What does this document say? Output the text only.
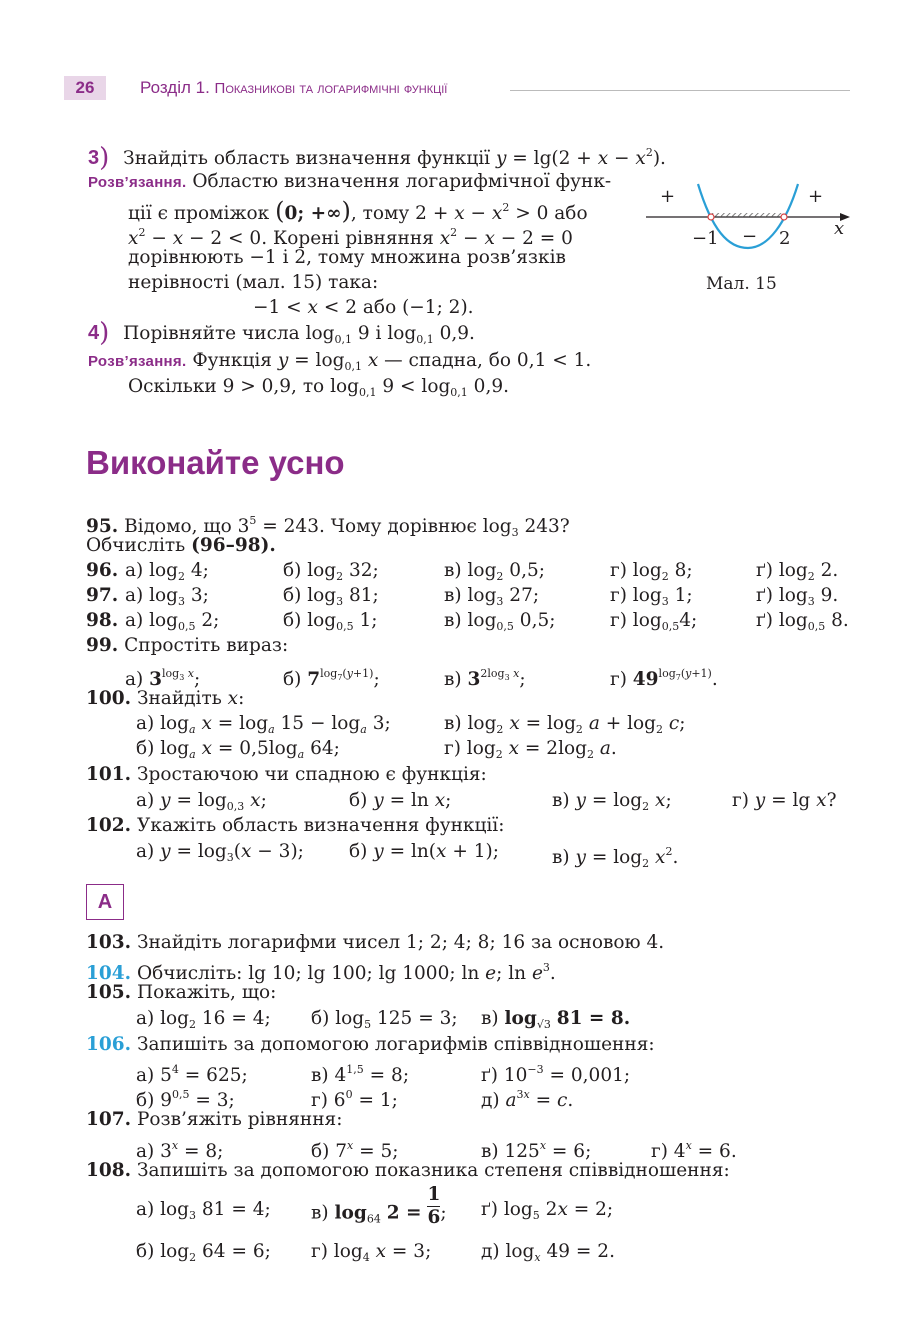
26	Розділ 1. Показникові та логарифмічні функції
3) Знайдіть область визначення функції $y = \lg(2 + x - x^2)$.
Розв’язання. Областю визначення логарифмічної функ-
ції є проміжок (0; +∞), тому $2 + x - x^2 > 0$ або
$x^2 - x - 2 < 0$. Корені рівняння $x^2 - x - 2 = 0$
дорівнюють −1 і 2, тому множина розв’язків
нерівності (мал. 15) така:
−1 < x < 2 або (−1; 2).
4) Порівняйте числа $\log_{0,1} 9$ і $\log_{0,1} 0,9$.
Розв’язання. Функція $y = \log_{0,1} x$ — спадна, бо 0,1 < 1.
Оскільки 9 > 0,9, то $\log_{0,1} 9 < \log_{0,1} 0,9$.
+	+
−
−1	2 x
Мал. 15
Виконайте усно
95. Відомо, що $3^5 = 243$. Чому дорівнює $\log_3 243$?
Обчисліть (96–98).
96. а) $\log_2 4$;	б) $\log_2 32$;	в) $\log_2 0,5$;	г) $\log_2 8$;	ґ) $\log_2 2$.
97. а) $\log_3 3$;	б) $\log_3 81$;	в) $\log_3 27$;	г) $\log_3 1$;	ґ) $\log_3 9$.
98. а) $\log_{0,5} 2$;	б) $\log_{0,5} 1$;	в) $\log_{0,5} 0,5$;	г) $\log_{0,5}4$;	ґ) $\log_{0,5} 8$.
99. Спростіть вираз:
а) $3^{log_3 x}$;	б) $7^{log_7(y+1)}$;	в) $3^{2log_3 x}$;	г) $49^{log_7(y+1)}$.
100. Знайдіть x:
а) $\log_a x = \log_a 15 - \log_a 3$;	в) $\log_2 x = \log_2 a + \log_2 c$;
б) $\log_a x = 0,5\log_a$ 64;	г) $\log_2 x = 2\log_2$ a.
101. Зростаючою чи спадною є функція:
а) $y = \log_{0,3} x$;	б) y = ln x;	в) $y = \log_2 x$;	г) y = lg x?
102. Укажіть область визначення функції:
а) $y = \log_3(x - 3)$; б) y = ln(x + 1);	в) $y = \log_2 x^2$.
А
103. Знайдіть логарифми чисел 1; 2; 4; 8; 16 за основою 4.
104. Обчисліть: lg 10; lg 100; lg 1000; ln e; $\ln e^3$.
105. Покажіть, що:
а) $\log_2 16 = 4$; б) $\log_5 125 = 3$; в) $\log_{√3} 81 = 8$.
106. Запишіть за допомогою логарифмів співвідношення:
а) $5^4 = 625$;	в) $4^{1,5} = 8$;	ґ) $10^{-3} = 0,001$;
б) $9^{0,5} = 3$;	г) $6^0 = 1$;	д) $a^{3x} = c$.
107. Розв’яжіть рівняння:
а) $3^x = 8$;	б) $7^x = 5$;	в) $125^x = 6$;	г) $4^x = 6$.
108. Запишіть за допомогою показника степеня співвідношення:
а) $\log_3 81 = 4$; в) $\log_{64} 2 = \frac{1}{6}$ ; ґ) $\log_5 2x = 2$;
б) $\log_2 64 = 6$; г) $\log_4 x = 3$;	д) $\log_x 49 = 2$.
